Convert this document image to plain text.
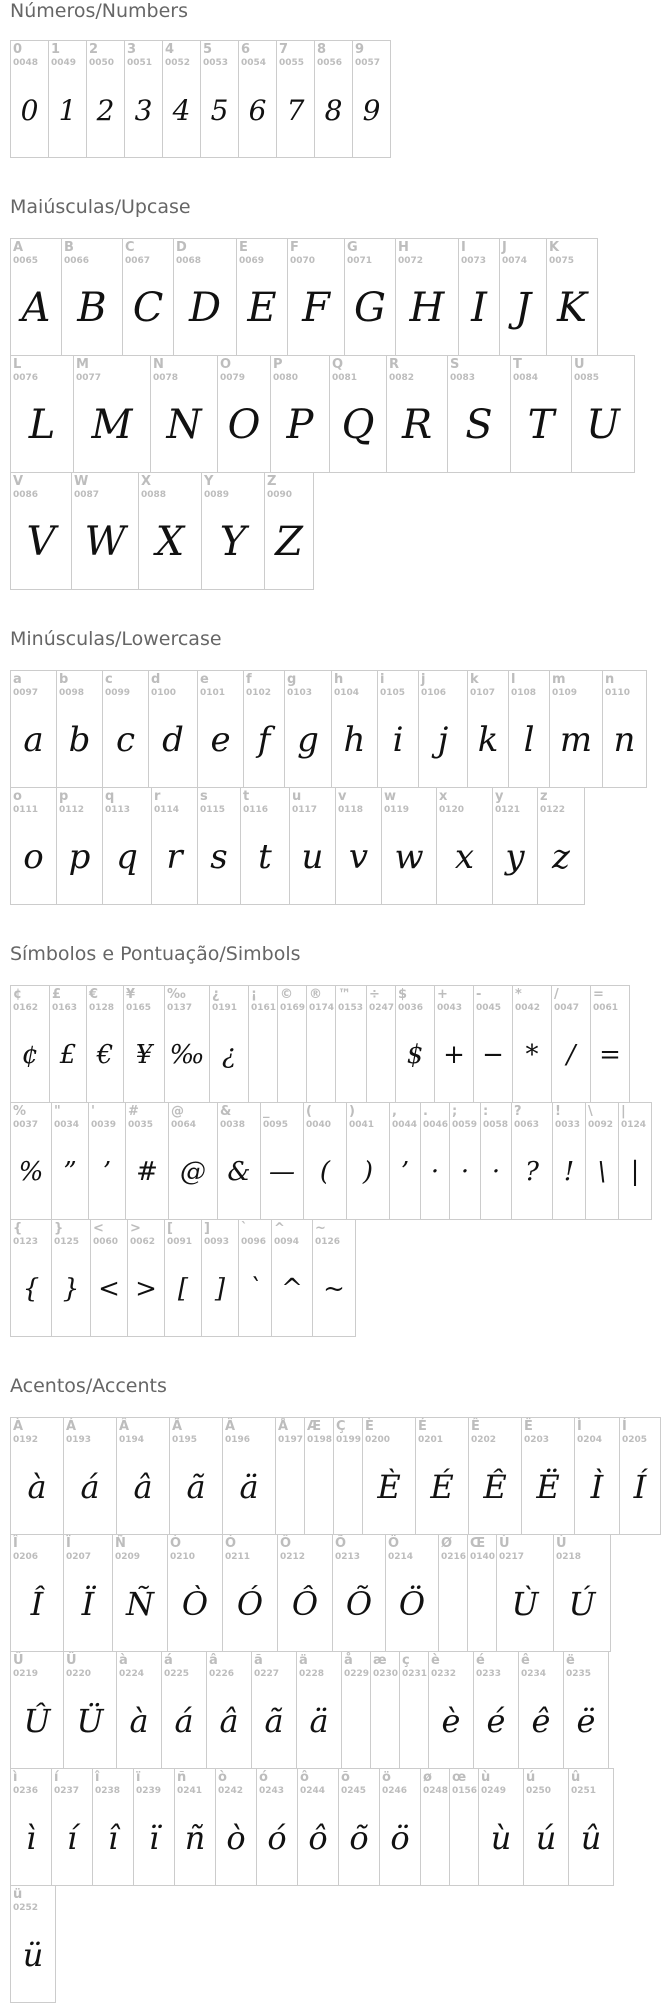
Números/Numbers
0
0048
0
1
0049
1
2
0050
2
3
0051
3
4
0052
4
5
0053
5
6
0054
6
7
0055
7
8
0056
8
9
0057
9
Maiúsculas/Upcase
A
0065
A
B
0066
B
C
0067
C
D
0068
D
E
0069
E
F
0070
F
G
0071
G
H
0072
H
I
0073
I
J
0074
J
K
0075
K
L
0076
L
M
0077
M
N
0078
N
O
0079
O
P
0080
P
Q
0081
Q
R
0082
R
S
0083
S
T
0084
T
U
0085
U
V
0086
V
W
0087
W
X
0088
X
Y
0089
Y
Z
0090
Z
Minúsculas/Lowercase
a
0097
a
b
0098
b
c
0099
c
d
0100
d
e
0101
e
f
0102
f
g
0103
g
h
0104
h
i
0105
i
j
0106
j
k
0107
k
l
0108
l
m
0109
m
n
0110
n
o
0111
o
p
0112
p
q
0113
q
r
0114
r
s
0115
s
t
0116
t
u
0117
u
v
0118
v
w
0119
w
x
0120
x
y
0121
y
z
0122
z
Símbolos e Pontuação/Simbols
¢
0162
¢
£
0163
£
€
0128
€
¥
0165
¥
‰
0137
‰
¿
0191
¿
¡
0161
©
0169
®
0174
™
0153
÷
0247
$
0036
$
+
0043
+
-
0045
−
*
0042
*
/
0047
/
=
0061
=
%
0037
%
"
0034
”
'
0039
’
#
0035
#
@
0064
@
&
0038
&
_
0095
—
(
0040
(
)
0041
)
,
0044
’
.
0046
·
;
0059
·
:
0058
·
?
0063
?
!
0033
!
\
0092
\
|
0124
|
{
0123
{
}
0125
}
<
0060
<
>
0062
>
[
0091
[
]
0093
]
`
0096
`
^
0094
^
~
0126
~
Acentos/Accents
À
0192
à
Á
0193
á
Â
0194
â
Ã
0195
ã
Ä
0196
ä
Å
0197
Æ
0198
Ç
0199
È
0200
È
É
0201
É
Ê
0202
Ê
Ë
0203
Ë
Ì
0204
Ì
Í
0205
Í
Î
0206
Î
Ï
0207
Ï
Ñ
0209
Ñ
Ò
0210
Ò
Ó
0211
Ó
Ô
0212
Ô
Õ
0213
Õ
Ö
0214
Ö
Ø
0216
Œ
0140
Ù
0217
Ù
Ú
0218
Ú
Û
0219
Û
Ü
0220
Ü
à
0224
à
á
0225
á
â
0226
â
ã
0227
ã
ä
0228
ä
å
0229
æ
0230
ç
0231
è
0232
è
é
0233
é
ê
0234
ê
ë
0235
ë
ì
0236
ì
í
0237
í
î
0238
î
ï
0239
ï
ñ
0241
ñ
ò
0242
ò
ó
0243
ó
ô
0244
ô
õ
0245
õ
ö
0246
ö
ø
0248
œ
0156
ù
0249
ù
ú
0250
ú
û
0251
û
ü
0252
ü
